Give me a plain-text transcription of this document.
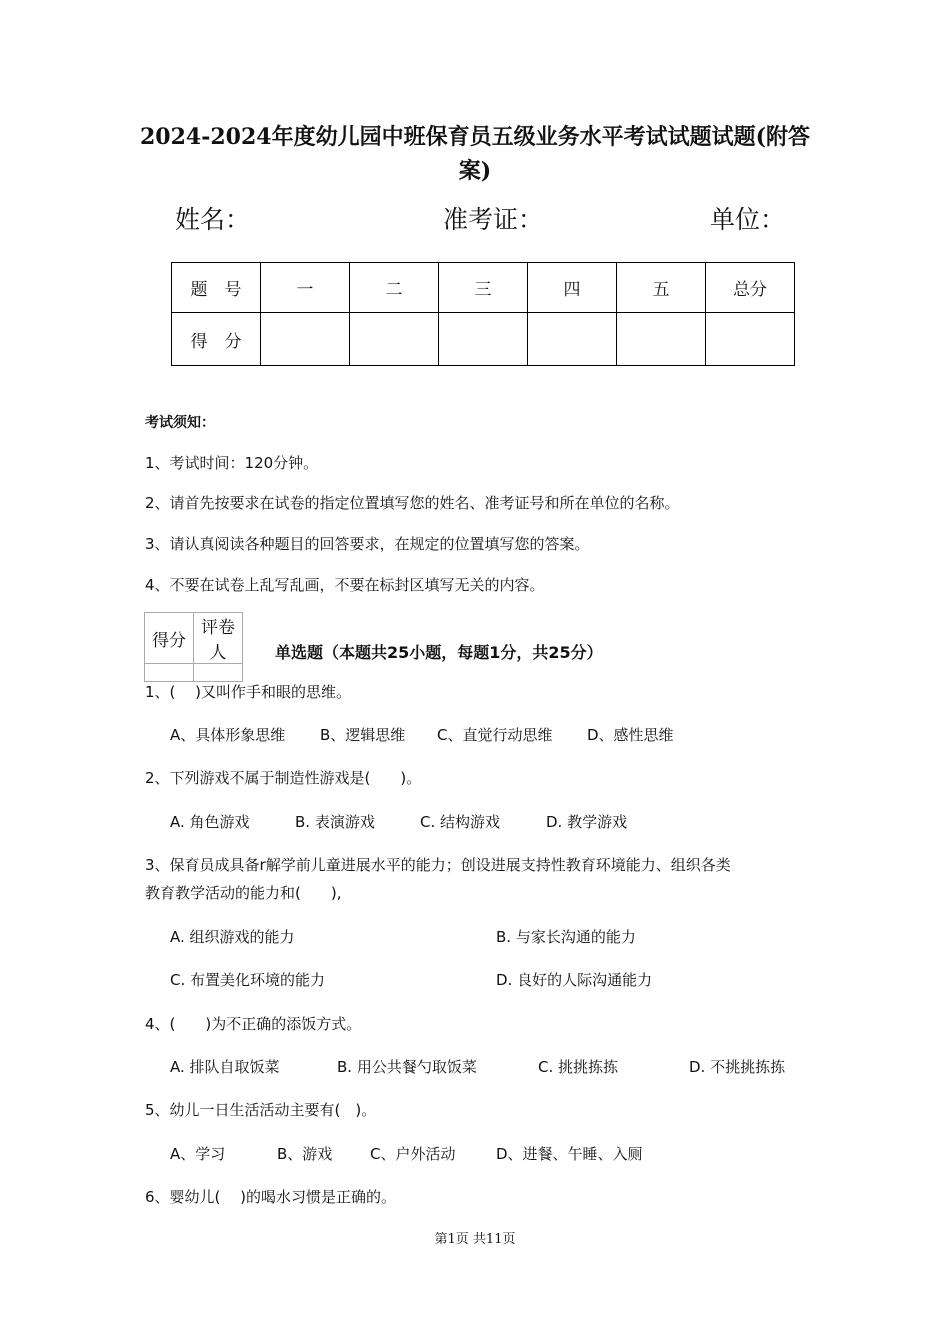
2024-2024年度幼儿园中班保育员五级业务水平考试试题试题(附答案)
姓名：	准考证：	单位：
题　号	一	二	三	四	五	总分
得　分						
考试须知：
1、考试时间：120分钟。
2、请首先按要求在试卷的指定位置填写您的姓名、准考证号和所在单位的名称。
3、请认真阅读各种题目的回答要求，在规定的位置填写您的答案。
4、不要在试卷上乱写乱画，不要在标封区填写无关的内容。
得分	评卷人
		单选题（本题共25小题，每题1分，共25分）
1、(　 )又叫作手和眼的思维。
A、具体形象思维 B、逻辑思维 C、直觉行动思维 D、感性思维
2、下列游戏不属于制造性游戏是(　　)。
A. 角色游戏	B. 表演游戏	C. 结构游戏	D. 教学游戏
3、保育员成具备r解学前儿童进展水平的能力；创设进展支持性教育环境能力、组织各类
教育教学活动的能力和(　　),
A. 组织游戏的能力	B. 与家长沟通的能力
C. 布置美化环境的能力	D. 良好的人际沟通能力
4、(　　)为不正确的添饭方式。
A. 排队自取饭菜	B. 用公共餐勺取饭菜	C. 挑挑拣拣	D. 不挑挑拣拣
5、幼儿一日生活活动主要有(　)。
A、学习	B、游戏	C、户外活动	D、进餐、午睡、入厕
6、婴幼儿(　 )的喝水习惯是正确的。
第1页 共11页
